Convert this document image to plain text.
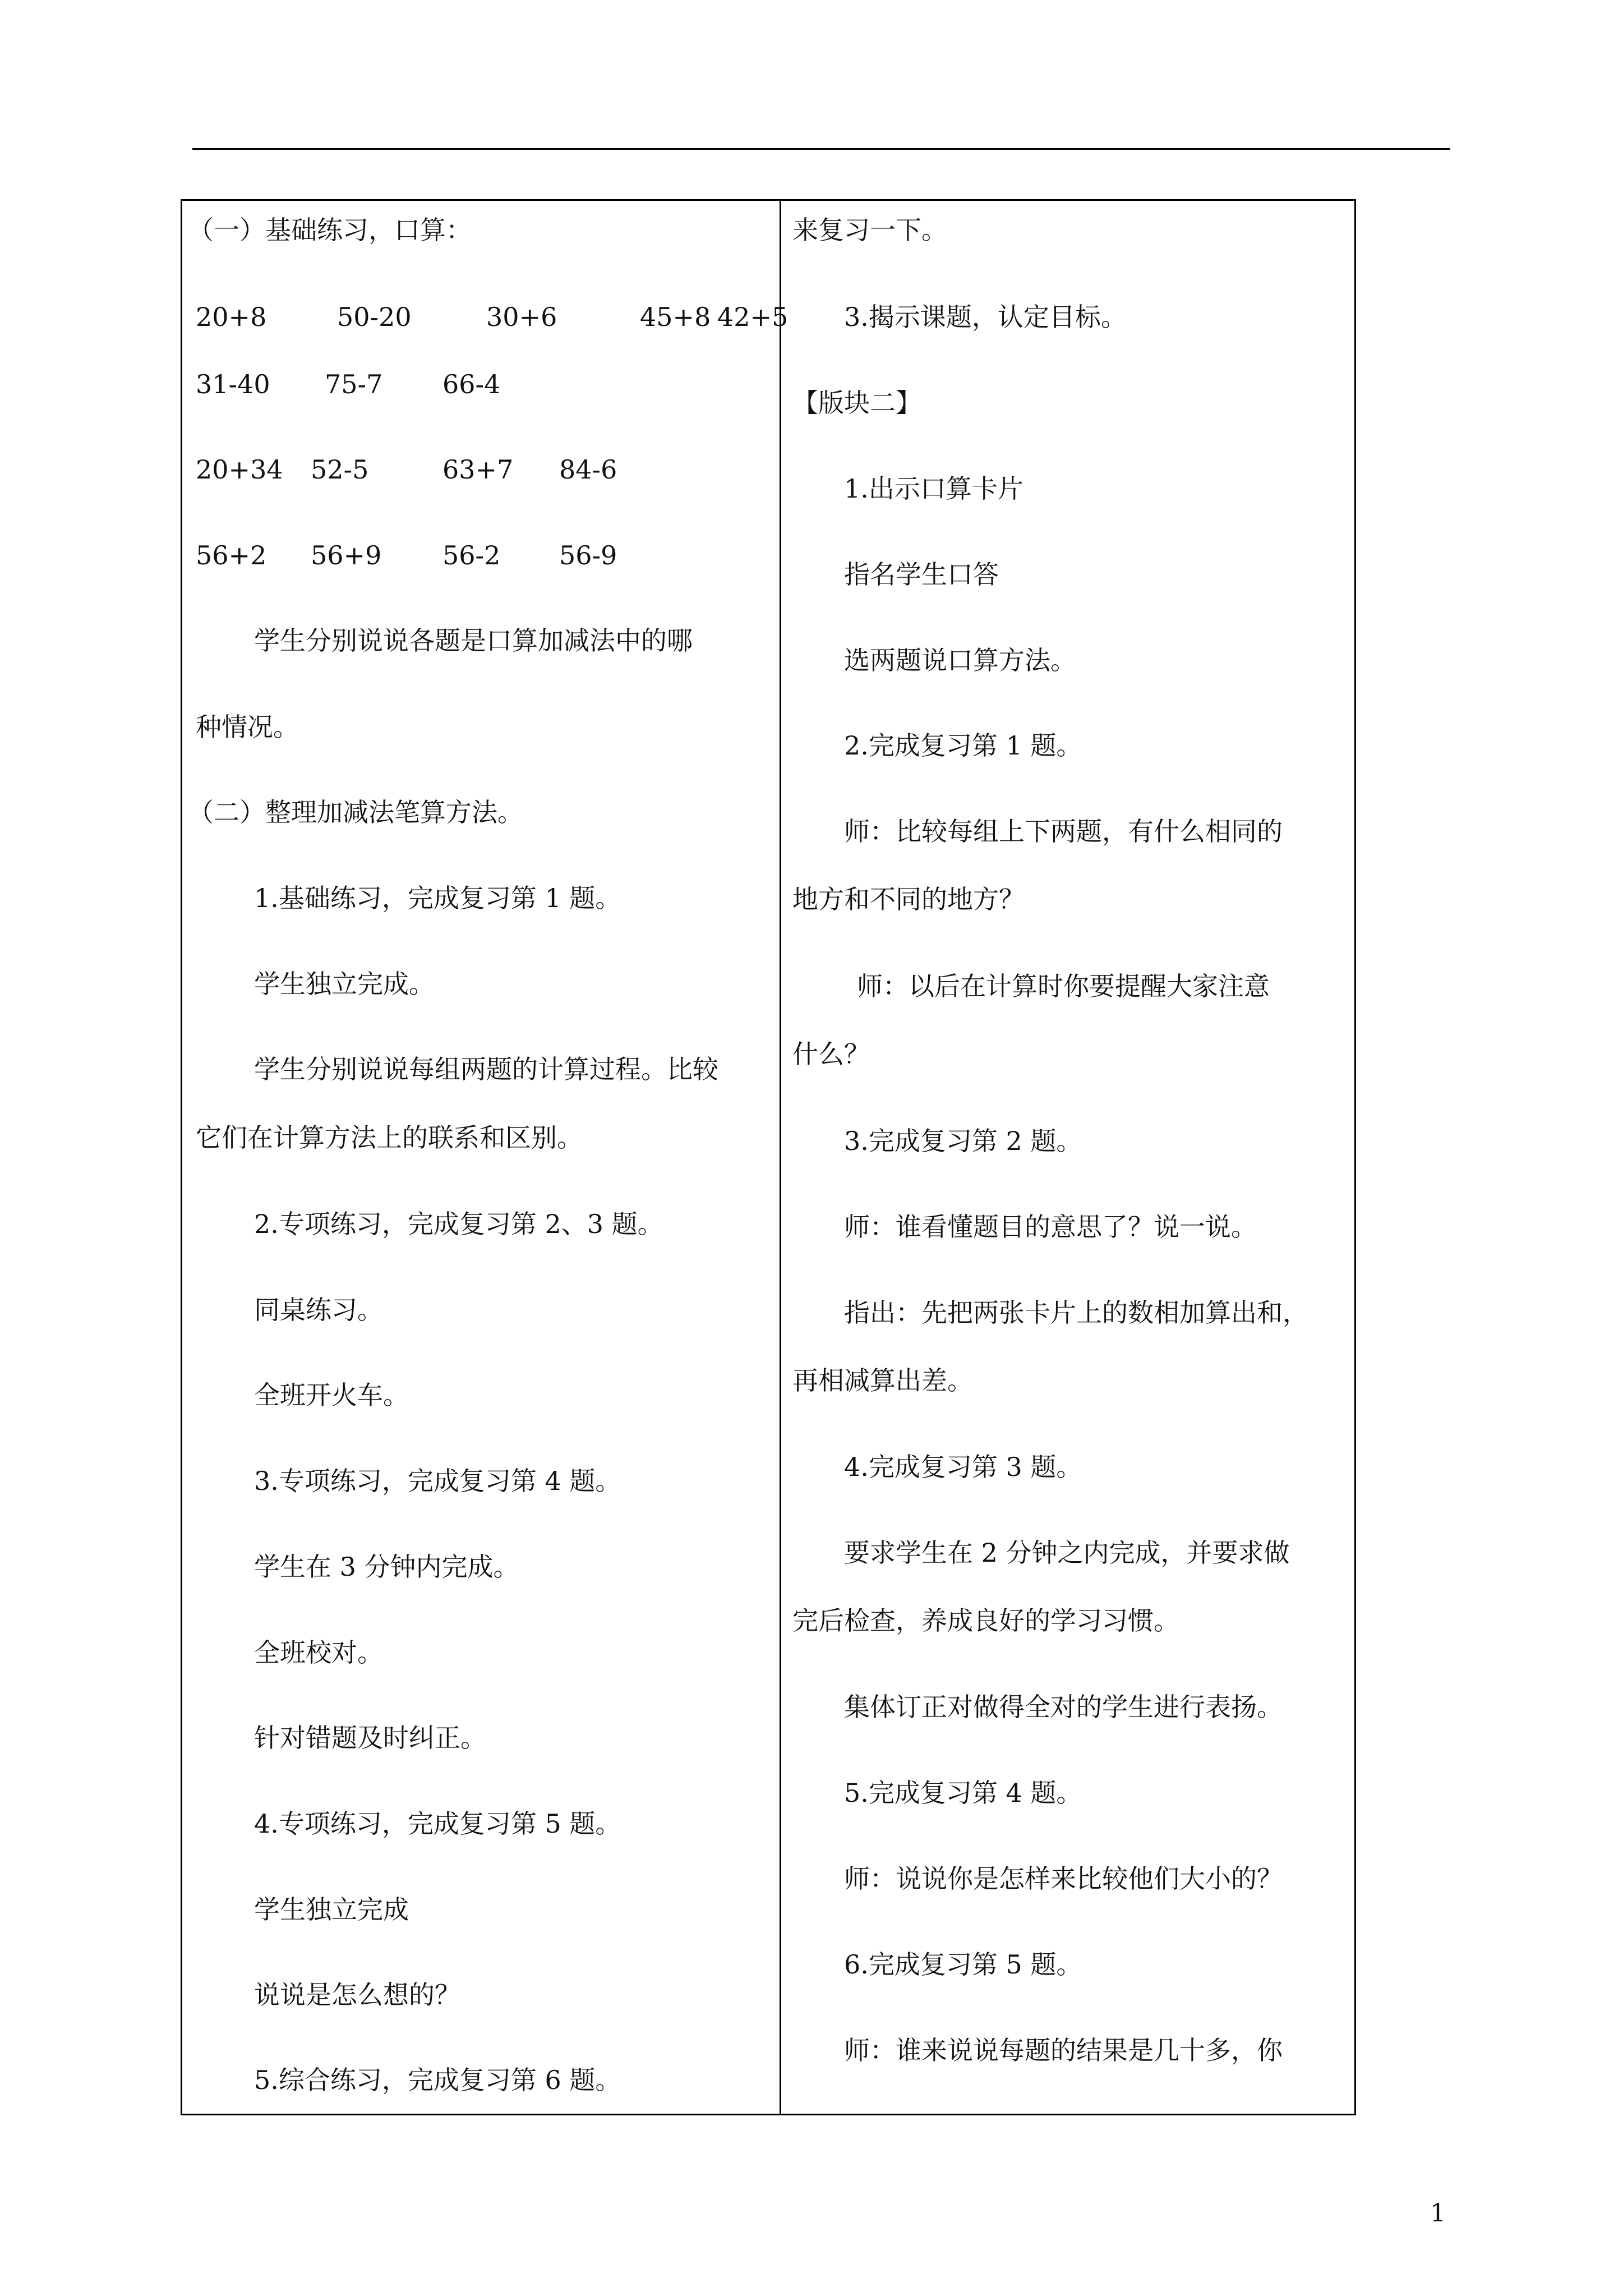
（一）基础练习，口算：
20+8	50-20	30+6	45+8 42+5
31-40 75-7 66-4
20+34 52-5	63+7 84-6
56+2 56+9 56-2 56-9
学生分别说说各题是口算加减法中的哪
种情况。
（二）整理加减法笔算方法。
1.基础练习，完成复习第 1 题。
学生独立完成。
学生分别说说每组两题的计算过程。比较
它们在计算方法上的联系和区别。
2.专项练习，完成复习第 2、3 题。
同桌练习。
全班开火车。
3.专项练习，完成复习第 4 题。
学生在 3 分钟内完成。
全班校对。
针对错题及时纠正。
4.专项练习，完成复习第 5 题。
学生独立完成
说说是怎么想的？
5.综合练习，完成复习第 6 题。
来复习一下。
3.揭示课题，认定目标。
【版块二】
1.出示口算卡片
指名学生口答
选两题说口算方法。
2.完成复习第 1 题。
师：比较每组上下两题，有什么相同的
地方和不同的地方？
师：以后在计算时你要提醒大家注意
什么？
3.完成复习第 2 题。
师：谁看懂题目的意思了？说一说。
指出：先把两张卡片上的数相加算出和，
再相减算出差。
4.完成复习第 3 题。
要求学生在 2 分钟之内完成，并要求做
完后检查，养成良好的学习习惯。
集体订正对做得全对的学生进行表扬。
5.完成复习第 4 题。
师：说说你是怎样来比较他们大小的？
6.完成复习第 5 题。
师：谁来说说每题的结果是几十多，你
1
